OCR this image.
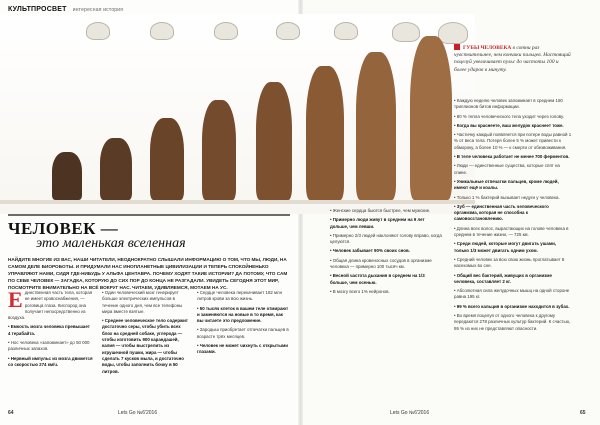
КУЛЬТПРОСВЕТ интересная история
ЧЕЛОВЕК —
это маленькая вселенная
НАЙДИТЕ МНОГИЕ ИЗ ВАС, НАШИ ЧИТАТЕЛИ, НЕОДНОКРАТНО СЛЫШАЛИ ИНФОРМАЦИЮ О ТОМ, ЧТО МЫ, ЛЮДИ, НА САМОМ ДЕЛЕ БИОРОБОТЫ. И ПРИДУМАЛИ НАС ИНОПЛАНЕТНЫЕ ЦИВИЛИЗАЦИИ И ТЕПЕРЬ СПОКОЙНЕНЬКО УПРАВЛЯЮТ НАМИ, СИДЯ ГДЕ-НИБУДЬ У АЛЬФА ЦЕНТАВРА. ПОЧЕМУ ХОДЯТ ТАКИЕ ИСТОРИИ? ДА ПОТОМУ, ЧТО САМ ПО СЕБЕ ЧЕЛОВЕК — ЗАГАДКА, КОТОРУЮ ДО СИХ ПОР ДО КОНЦА НЕ РАЗГАДАЛИ. УВИДЕТЬ СЕГОДНЯ ЭТОТ МИР, ПОСМОТРИТЕ ВНИМАТЕЛЬНО НА ВСЁ ВОКРУГ НАС. ЧИТАЕМ, УДИВЛЯЕМСЯ, МОТАЕМ НА УС.

Единственная часть тела, которая не имеет кровоснабжения, — роговица глаза. Кислород она получает непосредственно из воздуха.

• Емкость мозга человека превышает 4 терабайта.

• Нос человека «запоминает» до 50 000 различных запахов.

• Нервный импульс из мозга движется со скоростью 274 км/ч.

• Один человеческий мозг генерирует больше электрических импульсов в течение одного дня, чем все телефоны мира вместе взятые.

• Среднее человеческое тело содержит достаточно серы, чтобы убить всех блох на средней собаке, углерода — чтобы изготовить 900 карандашей, калия — чтобы выстрелить из игрушечной пушки, жира — чтобы сделать 7 кусков мыла, и достаточно воды, чтобы заполнить бочку в 50 литров.

• Сердце человека перекачивает 182 млн литров крови за всю жизнь.

• 50 тысяч клеток в вашем теле отмирают и заменяются на новые в то время, как вы читаете это предложение.

• Зародыш приобретает отпечатки пальцев в возрасте трёх месяцев.

• Человек не может чихнуть с открытыми глазами.

• Женские сердца бьются быстрее, чем мужские.

• Примерно люди живут в среднем на 9 лет дольше, чем левши.

• Примерно 2/3 людей наклоняют голову вправо, когда целуются.

• Человек забывает 90% своих снов.

• Общая длина кровеносных сосудов в организме человека — примерно 100 тысяч км.

• Весной частота дыхания в среднем на 1/3 больше, чем осенью.

• В мозгу всего 1% нейронов.

ГУБЫ ЧЕЛОВЕКА в сотни раз чувствительнее, чем кончики пальцев. Настоящий поцелуй увеличивает пульс до частоты 100 и более ударов в минуту.

• Каждую неделю человек запоминает в среднем 150 триллионов битов информации.

• 80 % тепла человеческого тела уходит через голову.

• Когда вы краснеете, ваш желудок краснеет тоже.

• Частичку каждый появляется при потере воды равной 1 % от веса тела. Потеря более 5 % может привести к обмороку, а более 10 % — к смерти от обезвоживания.

• В теле человека работает не менее 700 ферментов.

• Люди — единственные существа, которые спят на спине.

• Уникальные отпечатки пальцев, кроме людей, имеют ещё и коалы.

• Только 1 % бактерий вызывает недуги у человека.

• Зуб — единственная часть человеческого организма, которая не способна к самовосстановлению.

• Длина всех волос, вырастающих на голове человека в среднем в течение жизни, — 725 км.

• Среди людей, которые могут двигать ушами, только 1/3 может двигать одним ухом.

• Средний человек за всю свою жизнь проглатывает 8 насекомых во сне.

• Общий вес бактерий, живущих в организме человека, составляет 2 кг.

• Абсолютная сила желудочных мышц на одной стороне равна 195 кг.

• 99 % всего кальция в организме находится в зубах.

• Во время поцелуя от одного человека к другому передаются 278 различных культур бактерий. К счастью, 95 % из них не представляют опасности.

64	Lets Go №6'2016	Lets Go №6'2016	65
